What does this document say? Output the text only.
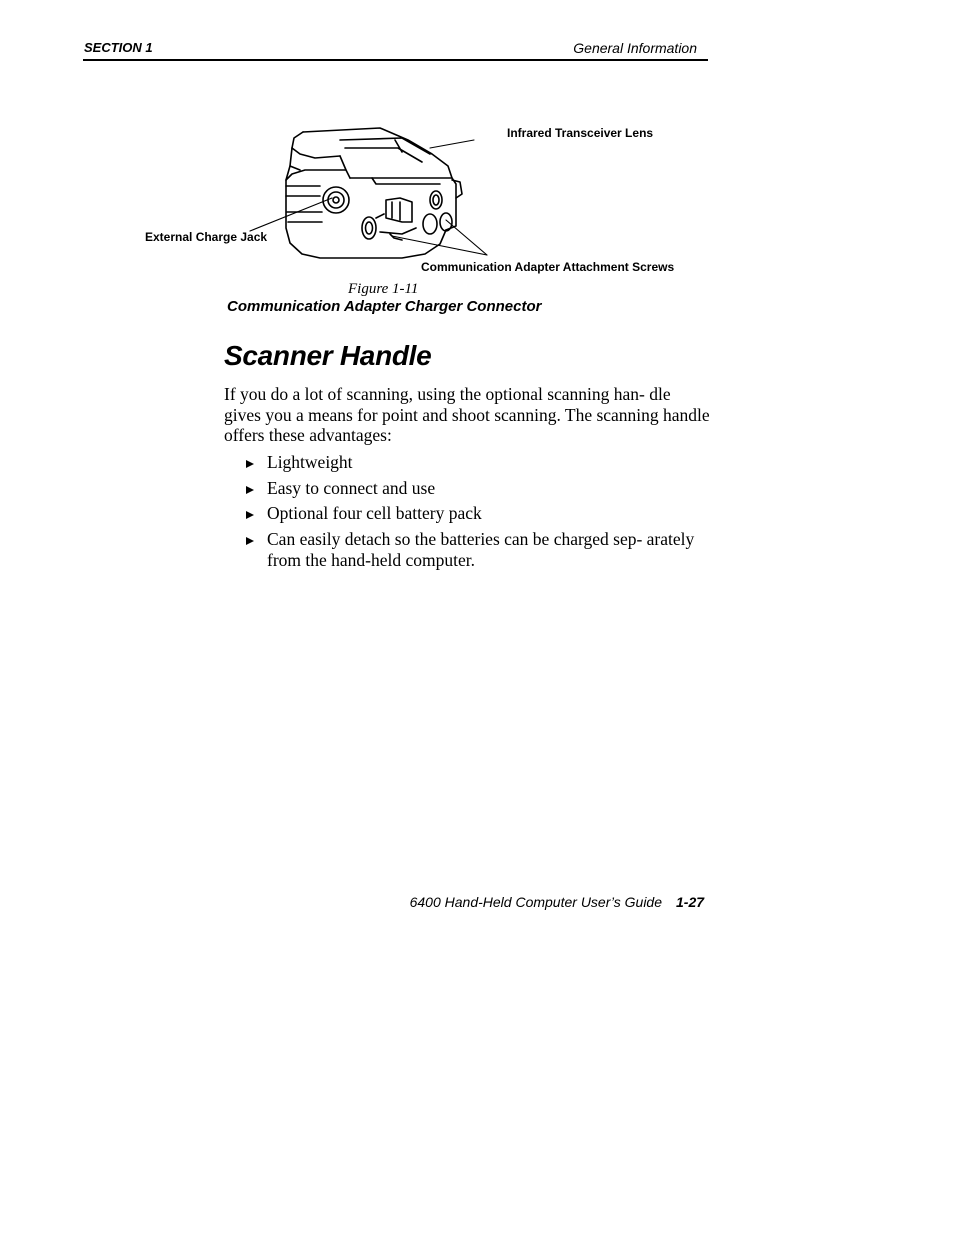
SECTION 1	General Information
Infrared Transceiver Lens
External Charge Jack
Communication Adapter Attachment Screws
Figure 1-11
Communication Adapter Charger Connector
Scanner Handle

If you do a lot of scanning, using the optional scanning han- dle gives you a means for point and shoot scanning. The scanning handle offers these advantages:

Lightweight
Easy to connect and use
Optional four cell battery pack
Can easily detach so the batteries can be charged sep- arately from the hand-held computer.
6400 Hand-Held Computer User’s Guide 1-27
